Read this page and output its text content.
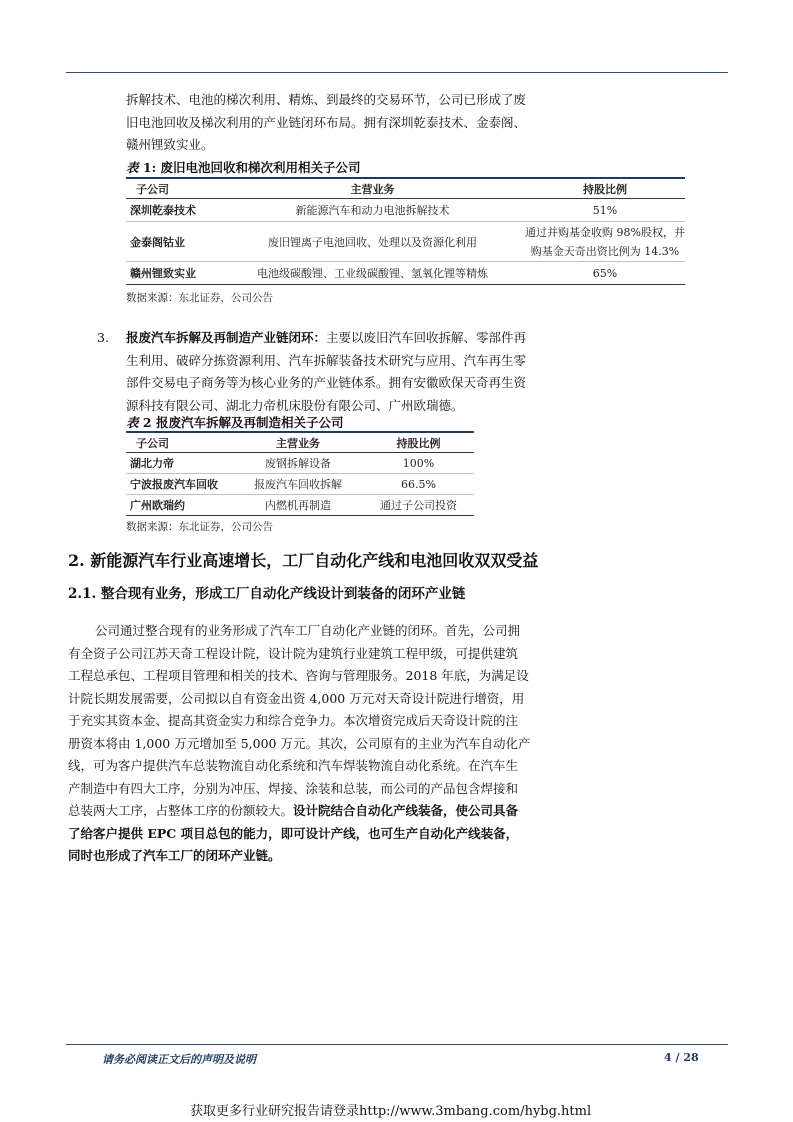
拆解技术、电池的梯次利用、精炼、到最终的交易环节，公司已形成了废
旧电池回收及梯次利用的产业链闭环布局。拥有深圳乾泰技术、金泰阁、
赣州锂致实业。
表 1: 废旧电池回收和梯次利用相关子公司
子公司	主营业务	持股比例
深圳乾泰技术	新能源汽车和动力电池拆解技术	51%
金泰阁钴业	废旧锂离子电池回收、处理以及资源化利用	通过并购基金收购 98%股权，并
购基金天奇出资比例为 14.3%

赣州锂致实业	电池级碳酸锂、工业级碳酸锂、氢氧化锂等精炼	65%
数据来源：东北证券，公司公告
3. 报废汽车拆解及再制造产业链闭环：主要以废旧汽车回收拆解、零部件再
生利用、破碎分拣资源利用、汽车拆解装备技术研究与应用、汽车再生零
部件交易电子商务等为核心业务的产业链体系。拥有安徽欧保天奇再生资
源科技有限公司、湖北力帝机床股份有限公司、广州欧瑞德。
表 2 报废汽车拆解及再制造相关子公司
子公司	主营业务	持股比例
湖北力帝	废钢拆解设备	100%
宁波报废汽车回收	报废汽车回收拆解	66.5%
广州欧瑞约	内燃机再制造	通过子公司投资
数据来源：东北证券，公司公告
2. 新能源汽车行业高速增长，工厂自动化产线和电池回收双双受益
2.1. 整合现有业务，形成工厂自动化产线设计到装备的闭环产业链
公司通过整合现有的业务形成了汽车工厂自动化产业链的闭环。首先，公司拥
有全资子公司江苏天奇工程设计院，设计院为建筑行业建筑工程甲级，可提供建筑
工程总承包、工程项目管理和相关的技术、咨询与管理服务。2018 年底，为满足设
计院长期发展需要，公司拟以自有资金出资 4,000 万元对天奇设计院进行增资，用
于充实其资本金、提高其资金实力和综合竞争力。本次增资完成后天奇设计院的注
册资本将由 1,000 万元增加至 5,000 万元。其次，公司原有的主业为汽车自动化产
线，可为客户提供汽车总装物流自动化系统和汽车焊装物流自动化系统。在汽车生
产制造中有四大工序，分别为冲压、焊接、涂装和总装，而公司的产品包含焊接和
总装两大工序，占整体工序的份额较大。设计院结合自动化产线装备，使公司具备
了给客户提供 EPC 项目总包的能力，即可设计产线，也可生产自动化产线装备，
同时也形成了汽车工厂的闭环产业链。
请务必阅读正文后的声明及说明	4 / 28
获取更多行业研究报告请登录http://www.3mbang.com/hybg.html
